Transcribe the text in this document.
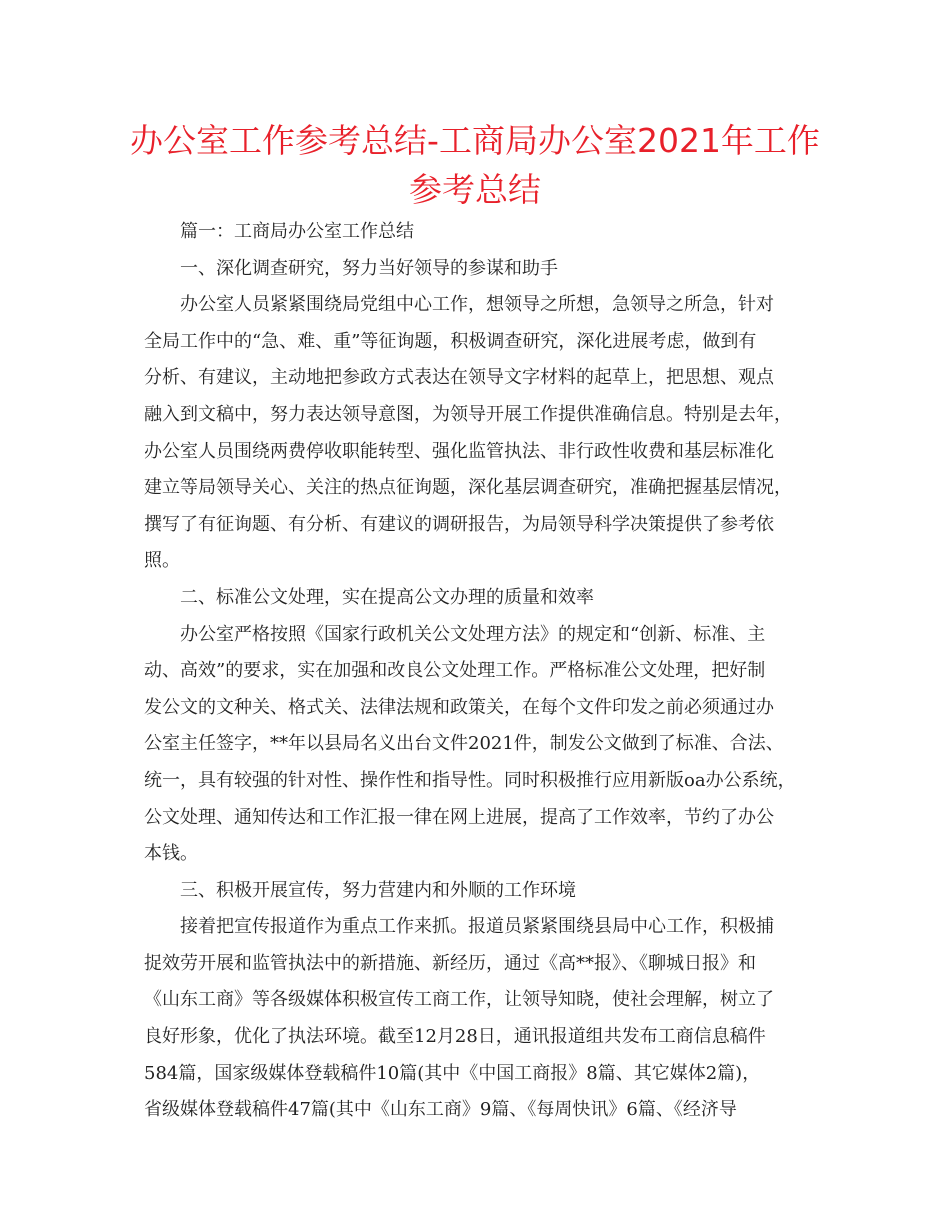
办公室工作参考总结-工商局办公室2021年工作
参考总结
篇一：工商局办公室工作总结
一、深化调查研究，努力当好领导的参谋和助手
办公室人员紧紧围绕局党组中心工作，想领导之所想，急领导之所急，针对
全局工作中的“急、难、重”等征询题，积极调查研究，深化进展考虑，做到有
分析、有建议，主动地把参政方式表达在领导文字材料的起草上，把思想、观点
融入到文稿中，努力表达领导意图，为领导开展工作提供准确信息。特别是去年，
办公室人员围绕两费停收职能转型、强化监管执法、非行政性收费和基层标准化
建立等局领导关心、关注的热点征询题，深化基层调查研究，准确把握基层情况，
撰写了有征询题、有分析、有建议的调研报告，为局领导科学决策提供了参考依
照。
二、标准公文处理，实在提高公文办理的质量和效率
办公室严格按照《国家行政机关公文处理方法》的规定和“创新、标准、主
动、高效”的要求，实在加强和改良公文处理工作。严格标准公文处理，把好制
发公文的文种关、格式关、法律法规和政策关，在每个文件印发之前必须通过办
公室主任签字，**年以县局名义出台文件2021件，制发公文做到了标准、合法、
统一，具有较强的针对性、操作性和指导性。同时积极推行应用新版oa办公系统，
公文处理、通知传达和工作汇报一律在网上进展，提高了工作效率，节约了办公
本钱。
三、积极开展宣传，努力营建内和外顺的工作环境
接着把宣传报道作为重点工作来抓。报道员紧紧围绕县局中心工作，积极捕
捉效劳开展和监管执法中的新措施、新经历，通过《高**报》、《聊城日报》和
《山东工商》等各级媒体积极宣传工商工作，让领导知晓，使社会理解，树立了
良好形象，优化了执法环境。截至12月28日，通讯报道组共发布工商信息稿件
584篇，国家级媒体登载稿件10篇(其中《中国工商报》8篇、其它媒体2篇)，
省级媒体登载稿件47篇(其中《山东工商》9篇、《每周快讯》6篇、《经济导
